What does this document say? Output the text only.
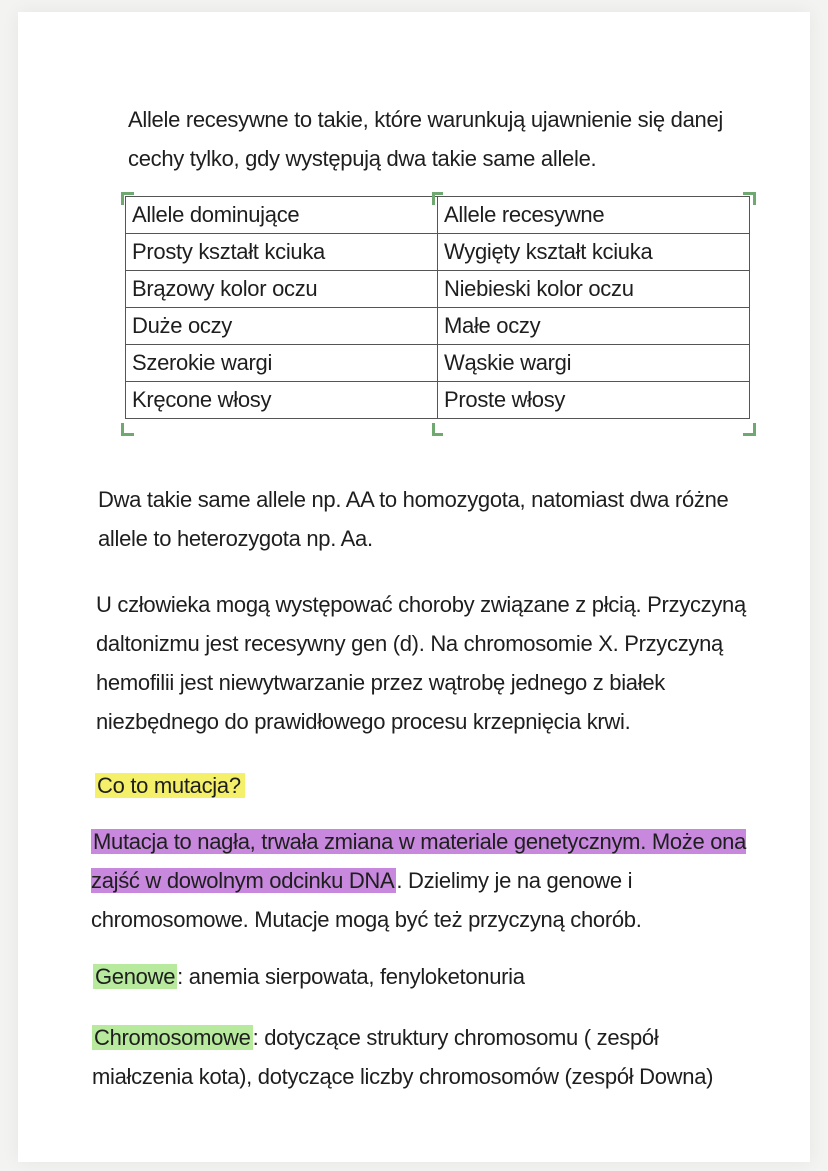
Allele recesywne to takie, które warunkują ujawnienie się danej cechy tylko, gdy występują dwa takie same allele.

Allele dominujące	Allele recesywne
Prosty kształt kciuka	Wygięty kształt kciuka
Brązowy kolor oczu	Niebieski kolor oczu
Duże oczy	Małe oczy
Szerokie wargi	Wąskie wargi
Kręcone włosy	Proste włosy

Dwa takie same allele np. AA to homozygota, natomiast dwa różne allele to heterozygota np. Aa.

U człowieka mogą występować choroby związane z płcią. Przyczyną daltonizmu jest recesywny gen (d). Na chromosomie X. Przyczyną hemofilii jest niewytwarzanie przez wątrobę jednego z białek niezbędnego do prawidłowego procesu krzepnięcia krwi.

Co to mutacja?

Mutacja to nagła, trwała zmiana w materiale genetycznym. Może ona zajść w dowolnym odcinku DNA. Dzielimy je na genowe i chromosomowe. Mutacje mogą być też przyczyną chorób.

Genowe: anemia sierpowata, fenyloketonuria

Chromosomowe: dotyczące struktury chromosomu ( zespół miałczenia kota), dotyczące liczby chromosomów (zespół Downa)
